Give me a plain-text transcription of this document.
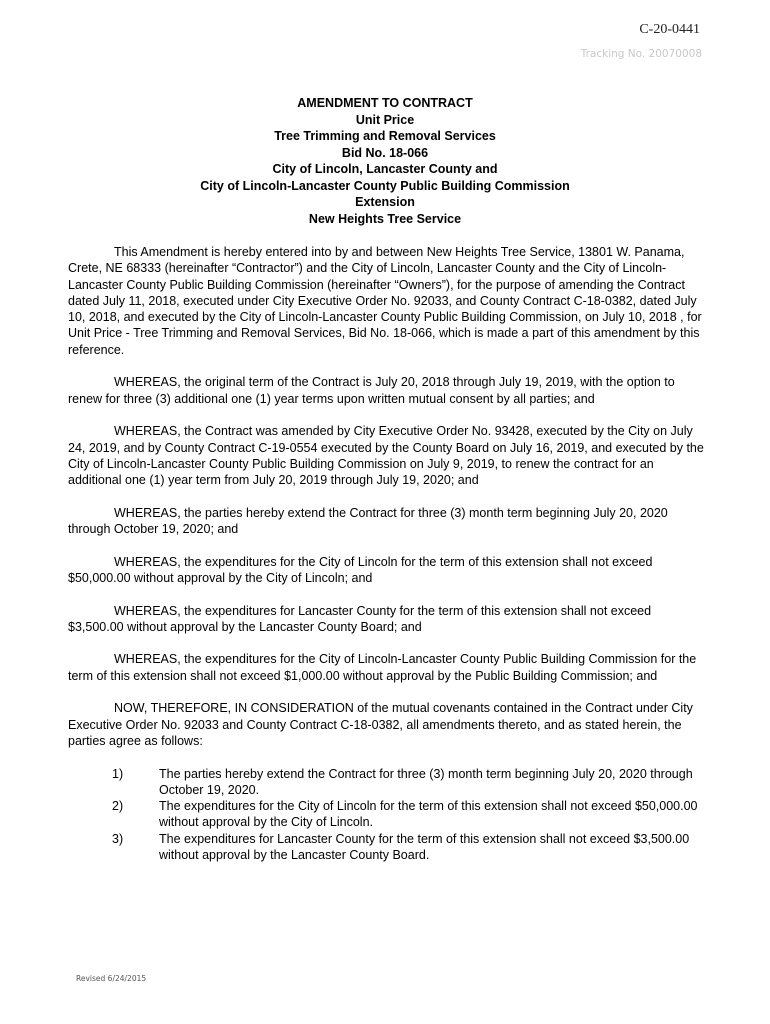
C-20-0441
Tracking No. 20070008
AMENDMENT TO CONTRACT
Unit Price
Tree Trimming and Removal Services
Bid No. 18-066
City of Lincoln, Lancaster County and
City of Lincoln-Lancaster County Public Building Commission
Extension
New Heights Tree Service

This Amendment is hereby entered into by and between New Heights Tree Service, 13801 W. Panama, Crete, NE 68333 (hereinafter “Contractor”) and the City of Lincoln, Lancaster County and the City of Lincoln-Lancaster County Public Building Commission (hereinafter “Owners”), for the purpose of amending the Contract dated July 11, 2018, executed under City Executive Order No. 92033, and County Contract C-18-0382, dated July 10, 2018, and executed by the City of Lincoln-Lancaster County Public Building Commission, on July 10, 2018 , for Unit Price - Tree Trimming and Removal Services, Bid No. 18-066, which is made a part of this amendment by this reference.

WHEREAS, the original term of the Contract is July 20, 2018 through July 19, 2019, with the option to renew for three (3) additional one (1) year terms upon written mutual consent by all parties; and

WHEREAS, the Contract was amended by City Executive Order No. 93428, executed by the City on July 24, 2019, and by County Contract C-19-0554 executed by the County Board on July 16, 2019, and executed by the City of Lincoln-Lancaster County Public Building Commission on July 9, 2019, to renew the contract for an additional one (1) year term from July 20, 2019 through July 19, 2020; and

WHEREAS, the parties hereby extend the Contract for three (3) month term beginning July 20, 2020 through October 19, 2020; and

WHEREAS, the expenditures for the City of Lincoln for the term of this extension shall not exceed $50,000.00 without approval by the City of Lincoln; and

WHEREAS, the expenditures for Lancaster County for the term of this extension shall not exceed $3,500.00 without approval by the Lancaster County Board; and

WHEREAS, the expenditures for the City of Lincoln-Lancaster County Public Building Commission for the term of this extension shall not exceed $1,000.00 without approval by the Public Building Commission; and

NOW, THEREFORE, IN CONSIDERATION of the mutual covenants contained in the Contract under City Executive Order No. 92033 and County Contract C-18-0382, all amendments thereto, and as stated herein, the parties agree as follows:

1)	The parties hereby extend the Contract for three (3) month term beginning July 20, 2020 through October 19, 2020.
2)	The expenditures for the City of Lincoln for the term of this extension shall not exceed $50,000.00 without approval by the City of Lincoln.
3)	The expenditures for Lancaster County for the term of this extension shall not exceed $3,500.00 without approval by the Lancaster County Board.
Revised 6/24/2015
